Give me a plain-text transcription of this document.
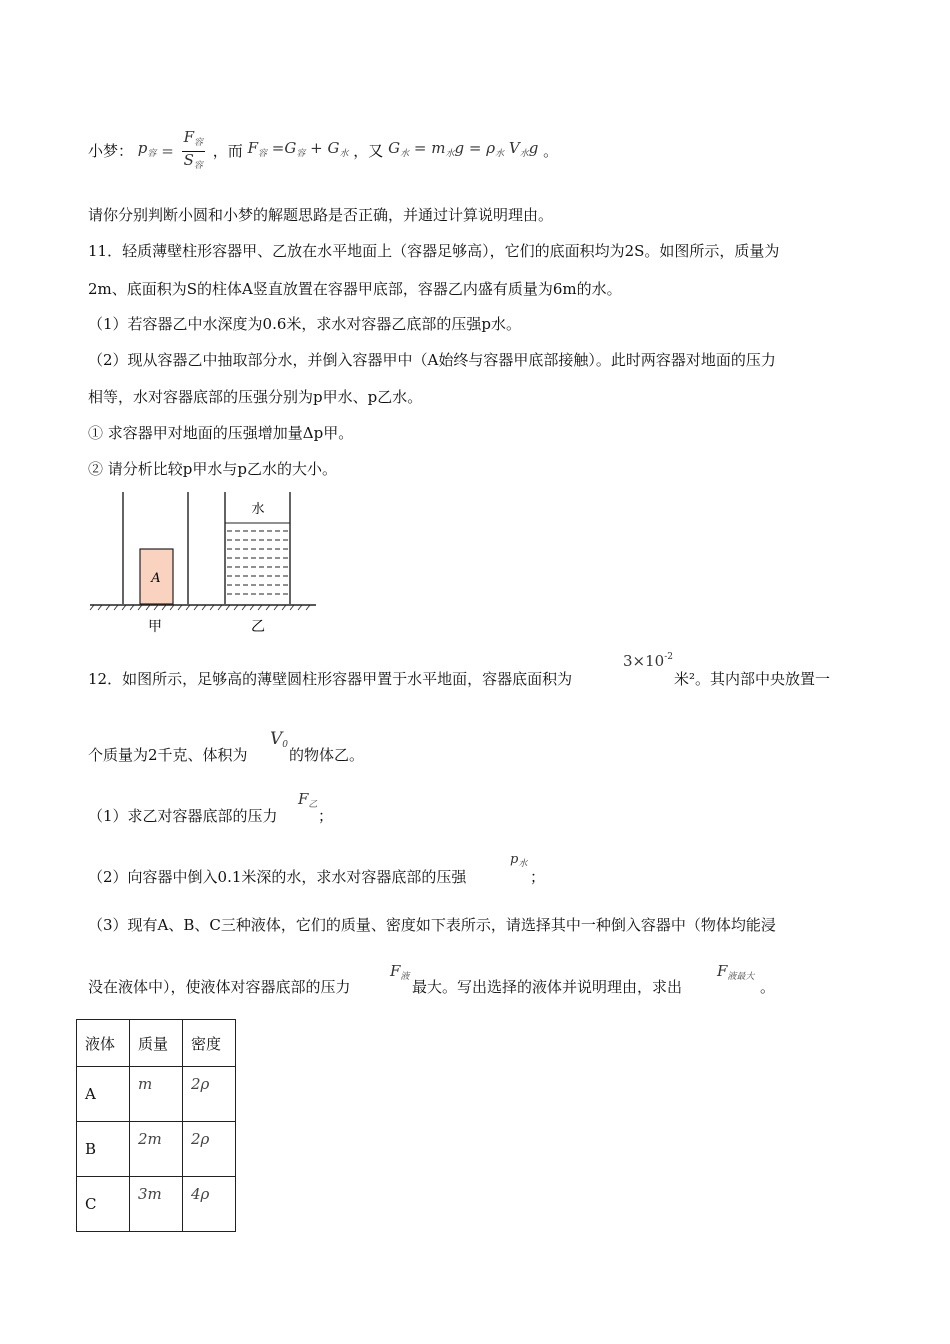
小梦： $p_容 = \frac{F_容}{S_容}$ ，而 $F_容 =G_容 + G_水$ ，又 $G_水 = m_水g = \rho_水$ $V_水g$ 。
请你分别判断小圆和小梦的解题思路是否正确，并通过计算说明理由。
11．轻质薄壁柱形容器甲、乙放在水平地面上（容器足够高），它们的底面积均为2S。如图所示，质量为
2m、底面积为S的柱体A竖直放置在容器甲底部，容器乙内盛有质量为6m的水。
（1）若容器乙中水深度为0.6米，求水对容器乙底部的压强p水。
（2）现从容器乙中抽取部分水，并倒入容器甲中（A始终与容器甲底部接触）。此时两容器对地面的压力
相等，水对容器底部的压强分别为p甲水、p乙水。
① 求容器甲对地面的压强增加量Δp甲。
② 请分析比较p甲水与p乙水的大小。
A
水
甲	乙
12．如图所示，足够高的薄壁圆柱形容器甲置于水平地面，容器底面积为
$3\times 10^{-2}$
米²。其内部中央放置一
个质量为2千克、体积为
$V_0$
的物体乙。
（1）求乙对容器底部的压力
$F_乙$
；
（2）向容器中倒入0.1米深的水，求水对容器底部的压强
$p_水$
；
（3）现有A、B、C三种液体，它们的质量、密度如下表所示，请选择其中一种倒入容器中（物体均能浸
没在液体中），使液体对容器底部的压力
$F_液$
最大。写出选择的液体并说明理由，求出
$F_{液最大}$
。
液体	质量	密度
A	m	2ρ
B	2m	2ρ
C	3m	4ρ
